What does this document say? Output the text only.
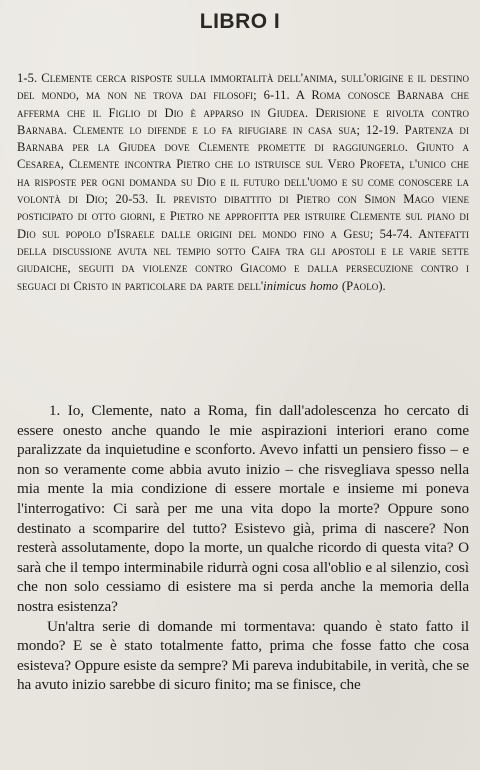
LIBRO I
1-5. Clemente cerca risposte sulla immortalità dell'anima, sull'origine e il destino del mondo, ma non ne trova dai filosofi; 6-11. A Roma conosce Barnaba che afferma che il Figlio di Dio è apparso in Giudea. Derisione e rivolta contro Barnaba. Clemente lo difende e lo fa rifugiare in casa sua; 12-19. Partenza di Barnaba per la Giudea dove Clemente promette di raggiungerlo. Giunto a Cesarea, Clemente incontra Pietro che lo istruisce sul Vero Profeta, l'unico che ha risposte per ogni domanda su Dio e il futuro dell'uomo e su come conoscere la volontà di Dio; 20-53. Il previsto dibattito di Pietro con Simon Mago viene posticipato di otto giorni, e Pietro ne approfitta per istruire Clemente sul piano di Dio sul popolo d'Israele dalle origini del mondo fino a Gesu; 54-74. Antefatti della discussione avuta nel tempio sotto Caifa tra gli apostoli e le varie sette giudaiche, seguiti da violenze contro Giacomo e dalla persecuzione contro i seguaci di Cristo in particolare da parte dell'inimicus homo (Paolo).

1. Io, Clemente, nato a Roma, fin dall'adolescenza ho cercato di essere onesto anche quando le mie aspirazioni interiori erano come paralizzate da inquietudine e sconforto. Avevo infatti un pensiero fisso – e non so veramente come abbia avuto inizio – che risvegliava spesso nella mia mente la mia condizione di essere mortale e insieme mi poneva l'interrogativo: Ci sarà per me una vita dopo la morte? Oppure sono destinato a scomparire del tutto? Esistevo già, prima di nascere? Non resterà assolutamente, dopo la morte, un qualche ricordo di questa vita? O sarà che il tempo interminabile ridurrà ogni cosa all'oblio e al silenzio, così che non solo cessiamo di esistere ma si perda anche la memoria della nostra esistenza?

Un'altra serie di domande mi tormentava: quando è stato fatto il mondo? E se è stato totalmente fatto, prima che fosse fatto che cosa esisteva? Oppure esiste da sempre? Mi pareva indubitabile, in verità, che se ha avuto inizio sarebbe di sicuro finito; ma se finisce, che
